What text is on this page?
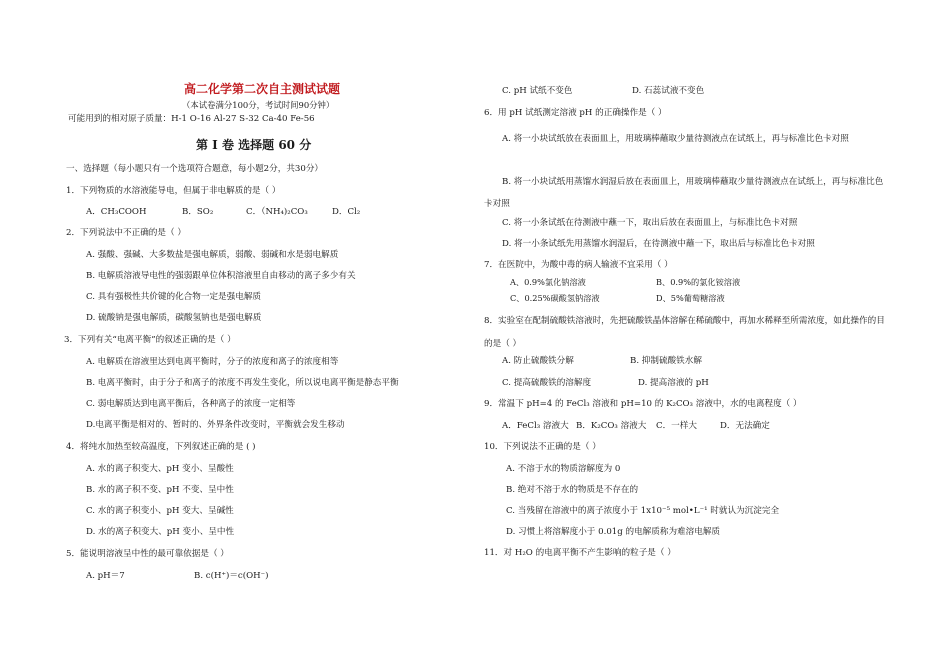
高二化学第二次自主测试试题
（本试卷满分100分，考试时间90分钟）
可能用到的相对原子质量：H-1 O-16 Al-27 S-32 Ca-40 Fe-56
第 I 卷 选择题 60 分
一、选择题（每小题只有一个选项符合题意，每小题2分，共30分）
1．下列物质的水溶液能导电，但属于非电解质的是（ ）
A．CH₃COOH	B．SO₂	C．（NH₄)₂CO₃	D．Cl₂
2．下列说法中不正确的是（ ）
A. 强酸、强碱、大多数盐是强电解质，弱酸、弱碱和水是弱电解质
B. 电解质溶液导电性的强弱跟单位体积溶液里自由移动的离子多少有关
C. 具有强极性共价键的化合物一定是强电解质
D. 硫酸钠是强电解质，碳酸氢钠也是强电解质
3．下列有关“电离平衡”的叙述正确的是（ ）
A. 电解质在溶液里达到电离平衡时，分子的浓度和离子的浓度相等
B. 电离平衡时，由于分子和离子的浓度不再发生变化，所以说电离平衡是静态平衡
C. 弱电解质达到电离平衡后，各种离子的浓度一定相等
D.电离平衡是相对的、暂时的、外界条件改变时，平衡就会发生移动
4．将纯水加热至较高温度，下列叙述正确的是 ( )
A. 水的离子积变大、pH 变小、呈酸性
B. 水的离子积不变、pH 不变、呈中性
C. 水的离子积变小、pH 变大、呈碱性
D. 水的离子积变大、pH 变小、呈中性
5．能说明溶液呈中性的最可靠依据是（ ）
A. pH＝7	B. c(H⁺)＝c(OH⁻)
C. pH 试纸不变色	D. 石蕊试液不变色
6．用 pH 试纸测定溶液 pH 的正确操作是（ ）
A. 将一小块试纸放在表面皿上，用玻璃棒蘸取少量待测液点在试纸上，再与标准比色卡对照
B. 将一小块试纸用蒸馏水润湿后放在表面皿上，用玻璃棒蘸取少量待测液点在试纸上，再与标准比色卡对照
C. 将一小条试纸在待测液中蘸一下，取出后放在表面皿上，与标准比色卡对照
D. 将一小条试纸先用蒸馏水润湿后，在待测液中蘸一下，取出后与标准比色卡对照
7．在医院中，为酸中毒的病人输液不宜采用（ ）
A、0.9%氯化钠溶液	B、0.9%的氯化铵溶液
C、0.25%碳酸氢钠溶液	D、5%葡萄糖溶液
8．实验室在配制硫酸铁溶液时，先把硫酸铁晶体溶解在稀硫酸中，再加水稀释至所需浓度，如此操作的目的是（ ）
A. 防止硫酸铁分解	B. 抑制硫酸铁水解
C. 提高硫酸铁的溶解度	D. 提高溶液的 pH
9．常温下 pH=4 的 FeCl₃ 溶液和 pH=10 的 K₂CO₃ 溶液中，水的电离程度（ ）
A．FeCl₃ 溶液大 B．K₂CO₃ 溶液大 C．一样大	D．无法确定
10．下列说法不正确的是（ ）
A. 不溶于水的物质溶解度为 0
B. 绝对不溶于水的物质是不存在的
C. 当残留在溶液中的离子浓度小于 1x10⁻⁵ mol•L⁻¹ 时就认为沉淀完全
D. 习惯上将溶解度小于 0.01g 的电解质称为难溶电解质
11．对 H₂O 的电离平衡不产生影响的粒子是（ ）
